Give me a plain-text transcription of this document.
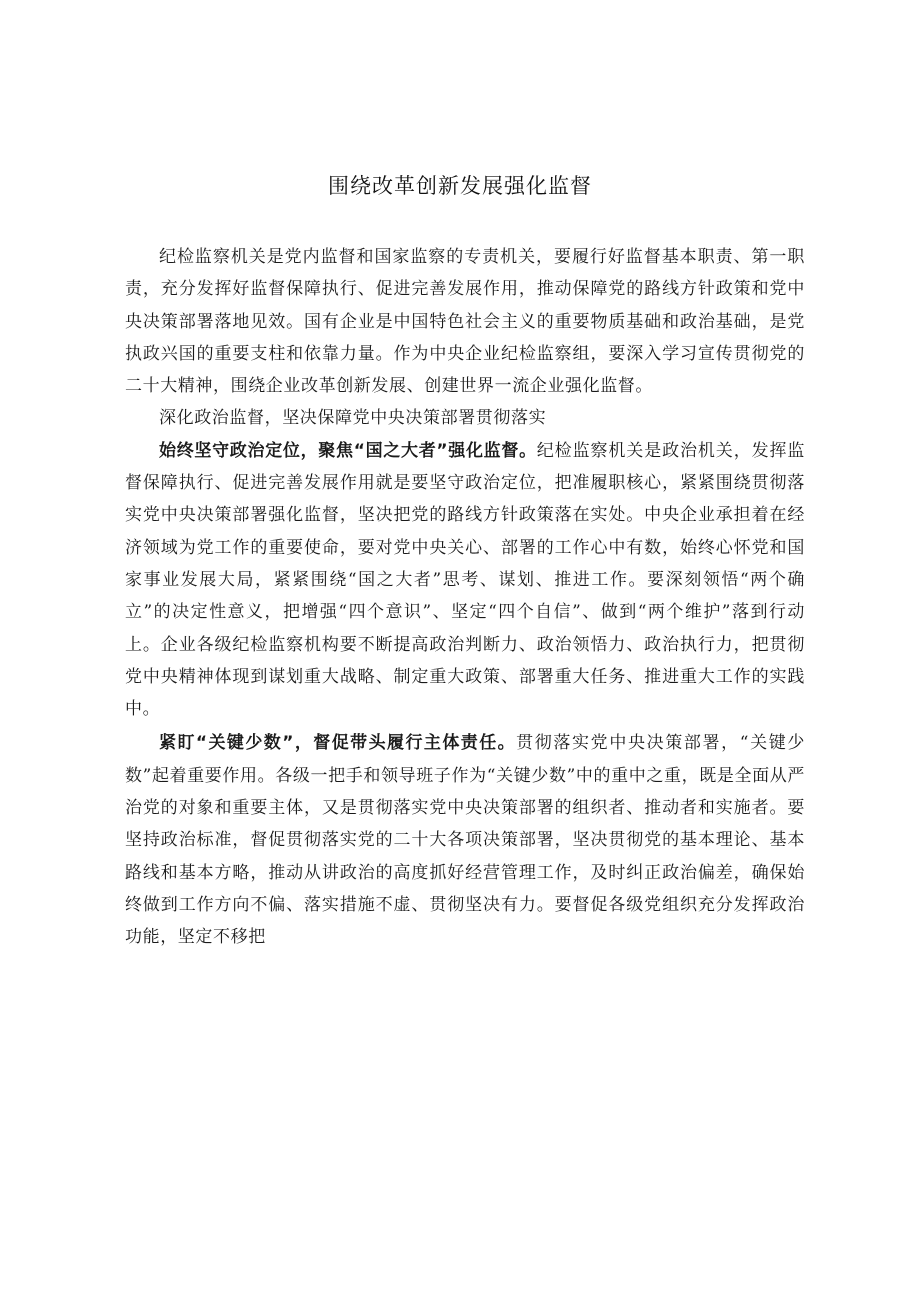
围绕改革创新发展强化监督

纪检监察机关是党内监督和国家监察的专责机关，要履行好监督基本职责、第一职责，充分发挥好监督保障执行、促进完善发展作用，推动保障党的路线方针政策和党中央决策部署落地见效。国有企业是中国特色社会主义的重要物质基础和政治基础，是党执政兴国的重要支柱和依靠力量。作为中央企业纪检监察组，要深入学习宣传贯彻党的二十大精神，围绕企业改革创新发展、创建世界一流企业强化监督。

深化政治监督，坚决保障党中央决策部署贯彻落实

始终坚守政治定位，聚焦“国之大者”强化监督。纪检监察机关是政治机关，发挥监督保障执行、促进完善发展作用就是要坚守政治定位，把准履职核心，紧紧围绕贯彻落实党中央决策部署强化监督，坚决把党的路线方针政策落在实处。中央企业承担着在经济领域为党工作的重要使命，要对党中央关心、部署的工作心中有数，始终心怀党和国家事业发展大局，紧紧围绕“国之大者”思考、谋划、推进工作。要深刻领悟“两个确立”的决定性意义，把增强“四个意识”、坚定“四个自信”、做到“两个维护”落到行动上。企业各级纪检监察机构要不断提高政治判断力、政治领悟力、政治执行力，把贯彻党中央精神体现到谋划重大战略、制定重大政策、部署重大任务、推进重大工作的实践中。

紧盯“关键少数”，督促带头履行主体责任。贯彻落实党中央决策部署，“关键少数”起着重要作用。各级一把手和领导班子作为“关键少数”中的重中之重，既是全面从严治党的对象和重要主体，又是贯彻落实党中央决策部署的组织者、推动者和实施者。要坚持政治标准，督促贯彻落实党的二十大各项决策部署，坚决贯彻党的基本理论、基本路线和基本方略，推动从讲政治的高度抓好经营管理工作，及时纠正政治偏差，确保始终做到工作方向不偏、落实措施不虚、贯彻坚决有力。要督促各级党组织充分发挥政治功能，坚定不移把
